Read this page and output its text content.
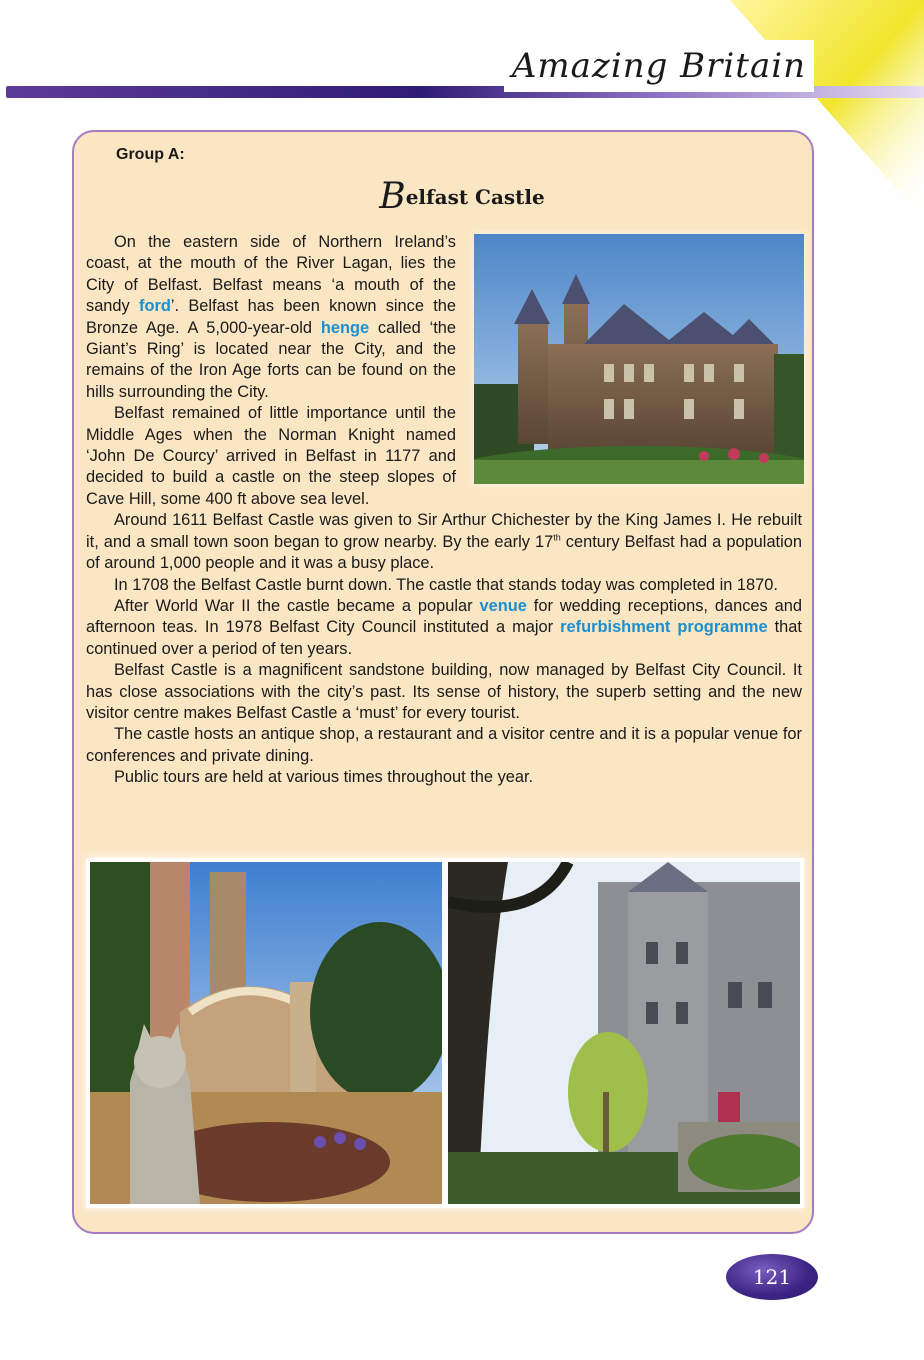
Amazing Britain
Group A:
Belfast Castle

On the eastern side of Northern Ireland’s coast, at the mouth of the River Lagan, lies the City of Belfast. Belfast means ‘a mouth of the sandy ford’. Belfast has been known since the Bronze Age. A 5,000-year-old henge called ‘the Giant’s Ring’ is located near the City, and the remains of the Iron Age forts can be found on the hills surrounding the City.

Belfast remained of little importance until the Middle Ages when the Norman Knight named ‘John De Courcy’ arrived in Belfast in 1177 and decided to build a castle on the steep slopes of Cave Hill, some 400 ft above sea level.

Around 1611 Belfast Castle was given to Sir Arthur Chichester by the King James I. He rebuilt it, and a small town soon began to grow nearby. By the early 17th century Belfast had a population of around 1,000 people and it was a busy place.

In 1708 the Belfast Castle burnt down. The castle that stands today was completed in 1870.

After World War II the castle became a popular venue for wedding receptions, dances and afternoon teas. In 1978 Belfast City Council instituted a major refurbishment programme that continued over a period of ten years.

Belfast Castle is a magnificent sandstone building, now managed by Belfast City Council. It has close associations with the city’s past. Its sense of history, the superb setting and the new visitor centre makes Belfast Castle a ‘must’ for every tourist.

The castle hosts an antique shop, a restaurant and a visitor centre and it is a popular venue for conferences and private dining.

Public tours are held at various times throughout the year.

121
